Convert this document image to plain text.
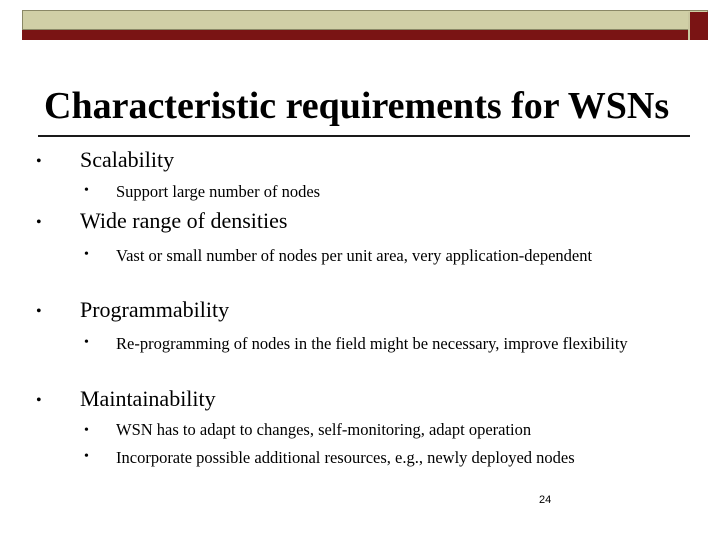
Characteristic requirements for WSNs
• Scalability
• Support large number of nodes
• Wide range of densities
• Vast or small number of nodes per unit area, very application-dependent
• Programmability
• Re-programming of nodes in the field might be necessary, improve flexibility
• Maintainability
• WSN has to adapt to changes, self-monitoring, adapt operation
• Incorporate possible additional resources, e.g., newly deployed nodes
24
